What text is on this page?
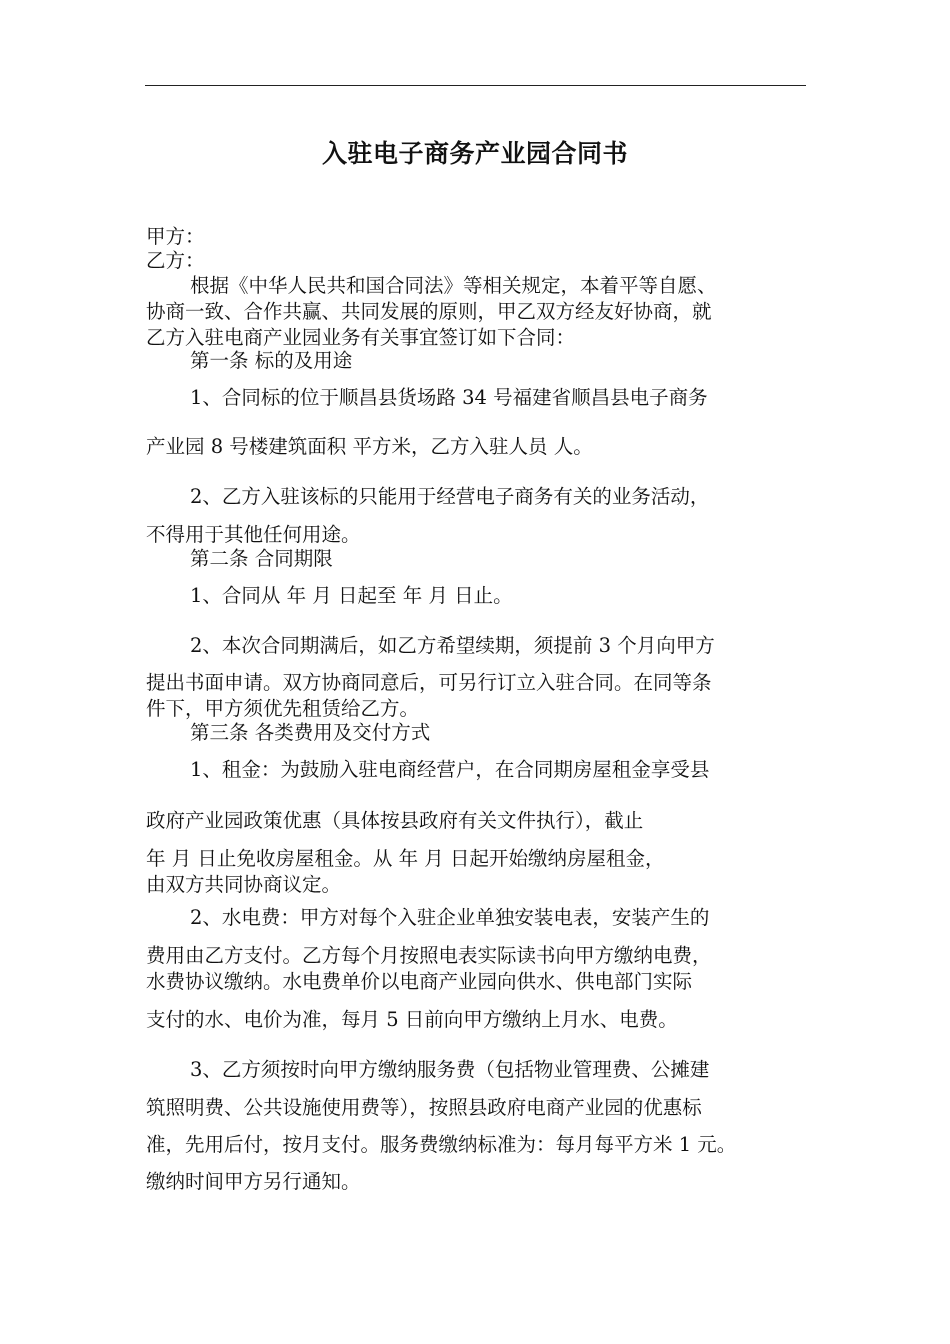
入驻电子商务产业园合同书
甲方：
乙方：
根据《中华人民共和国合同法》等相关规定，本着平等自愿、
协商一致、合作共赢、共同发展的原则，甲乙双方经友好协商，就
乙方入驻电商产业园业务有关事宜签订如下合同：
第一条 标的及用途
1、合同标的位于顺昌县货场路 34 号福建省顺昌县电子商务
产业园 8 号楼建筑面积 平方米，乙方入驻人员 人。
2、乙方入驻该标的只能用于经营电子商务有关的业务活动，
不得用于其他任何用途。
第二条 合同期限
1、合同从 年 月 日起至 年 月 日止。
2、本次合同期满后，如乙方希望续期，须提前 3 个月向甲方
提出书面申请。双方协商同意后，可另行订立入驻合同。在同等条
件下，甲方须优先租赁给乙方。
第三条 各类费用及交付方式
1、租金：为鼓励入驻电商经营户，在合同期房屋租金享受县
政府产业园政策优惠（具体按县政府有关文件执行），截止
年 月 日止免收房屋租金。从 年 月 日起开始缴纳房屋租金，
由双方共同协商议定。
2、水电费：甲方对每个入驻企业单独安装电表，安装产生的
费用由乙方支付。乙方每个月按照电表实际读书向甲方缴纳电费，
水费协议缴纳。水电费单价以电商产业园向供水、供电部门实际
支付的水、电价为准，每月 5 日前向甲方缴纳上月水、电费。
3、乙方须按时向甲方缴纳服务费（包括物业管理费、公摊建
筑照明费、公共设施使用费等），按照县政府电商产业园的优惠标
准，先用后付，按月支付。服务费缴纳标准为：每月每平方米 1 元。
缴纳时间甲方另行通知。
